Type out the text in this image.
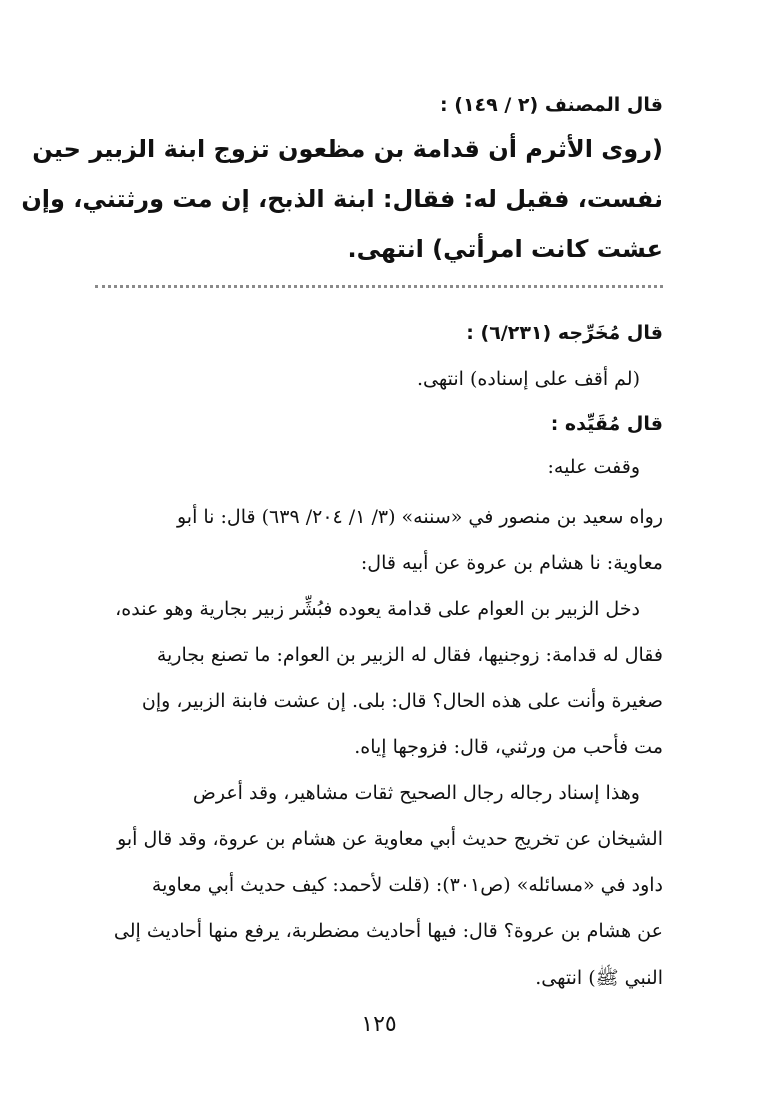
قال المصنف (٢ / ١٤٩) :
(روى الأثرم أن قدامة بن مظعون تزوج ابنة الزبير حين
نفست، فقيل له: فقال: ابنة الذبح، إن مت ورثتني، وإن
عشت كانت امرأتي) انتهى.
قال مُخَرِّجه (٦/٢٣١) :
(لم أقف على إسناده) انتهى.
قال مُقَيِّده :
وقفت عليه:
رواه سعيد بن منصور في «سننه» (٣/ ١/ ٢٠٤/ ٦٣٩) قال: نا أبو
معاوية: نا هشام بن عروة عن أبيه قال:
دخل الزبير بن العوام على قدامة يعوده فبُشِّر زبير بجارية وهو عنده،
فقال له قدامة: زوجنيها، فقال له الزبير بن العوام: ما تصنع بجارية
صغيرة وأنت على هذه الحال؟ قال: بلى. إن عشت فابنة الزبير، وإن
مت فأحب من ورثني، قال: فزوجها إياه.
وهذا إسناد رجاله رجال الصحيح ثقات مشاهير، وقد أعرض
الشيخان عن تخريج حديث أبي معاوية عن هشام بن عروة، وقد قال أبو
داود في «مسائله» (ص٣٠١): (قلت لأحمد: كيف حديث أبي معاوية
عن هشام بن عروة؟ قال: فيها أحاديث مضطربة، يرفع منها أحاديث إلى
النبي ﷺ) انتهى.
١٢٥
